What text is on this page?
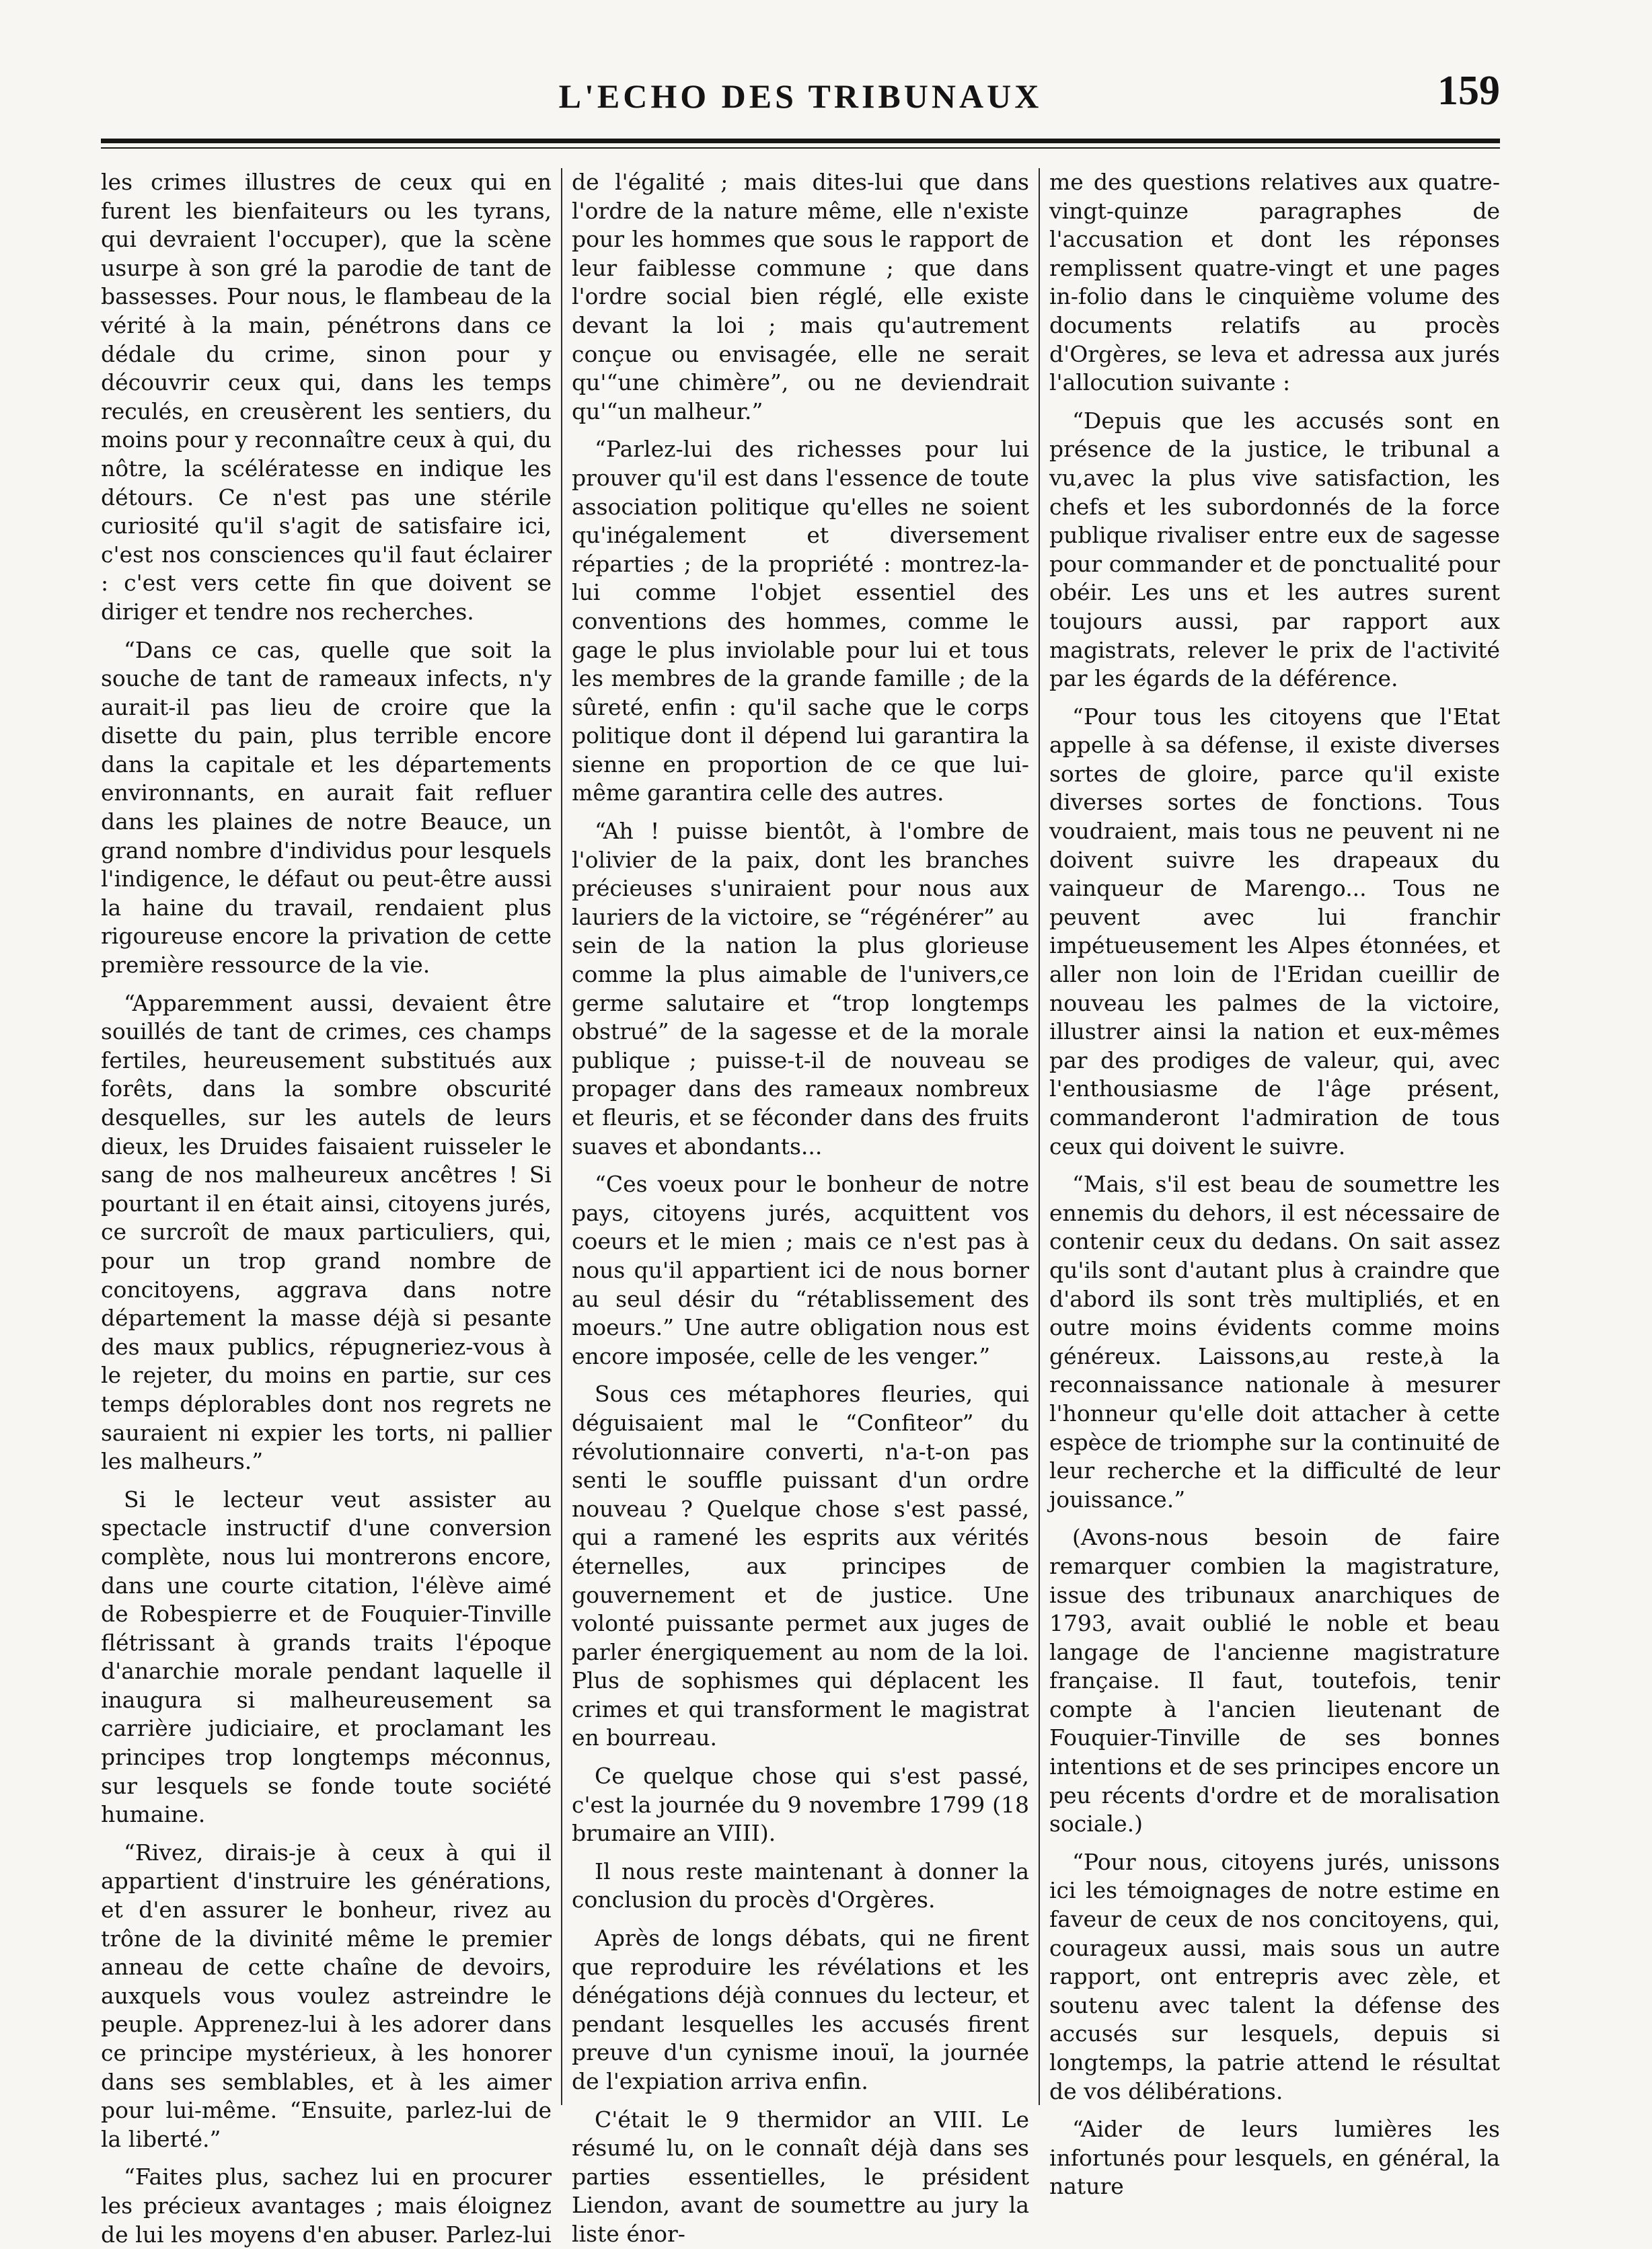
L'ECHO DES TRIBUNAUX	159

les crimes illustres de ceux qui en furent les bienfaiteurs ou les tyrans, qui devraient l'occuper), que la scène usurpe à son gré la parodie de tant de bassesses. Pour nous, le flambeau de la vérité à la main, pénétrons dans ce dédale du crime, sinon pour y découvrir ceux qui, dans les temps reculés, en creusèrent les sentiers, du moins pour y reconnaître ceux à qui, du nôtre, la scélératesse en indique les détours. Ce n'est pas une stérile curiosité qu'il s'agit de satisfaire ici, c'est nos consciences qu'il faut éclairer : c'est vers cette fin que doivent se diriger et tendre nos recherches.

“Dans ce cas, quelle que soit la souche de tant de rameaux infects, n'y aurait-il pas lieu de croire que la disette du pain, plus terrible encore dans la capitale et les départements environnants, en aurait fait refluer dans les plaines de notre Beauce, un grand nombre d'individus pour lesquels l'indigence, le défaut ou peut-être aussi la haine du travail, rendaient plus rigoureuse encore la privation de cette première ressource de la vie.

“Apparemment aussi, devaient être souillés de tant de crimes, ces champs fertiles, heureusement substitués aux forêts, dans la sombre obscurité desquelles, sur les autels de leurs dieux, les Druides faisaient ruisseler le sang de nos malheureux ancêtres ! Si pourtant il en était ainsi, citoyens jurés, ce surcroît de maux particuliers, qui, pour un trop grand nombre de concitoyens, aggrava dans notre département la masse déjà si pesante des maux publics, répugneriez-vous à le rejeter, du moins en partie, sur ces temps déplorables dont nos regrets ne sauraient ni expier les torts, ni pallier les malheurs.”

Si le lecteur veut assister au spectacle instructif d'une conversion complète, nous lui montrerons encore, dans une courte citation, l'élève aimé de Robespierre et de Fouquier-Tinville flétrissant à grands traits l'époque d'anarchie morale pendant laquelle il inaugura si malheureusement sa carrière judiciaire, et proclamant les principes trop longtemps méconnus, sur lesquels se fonde toute société humaine.

“Rivez, dirais-je à ceux à qui il appartient d'instruire les générations, et d'en assurer le bonheur, rivez au trône de la divinité même le premier anneau de cette chaîne de devoirs, auxquels vous voulez astreindre le peuple. Apprenez-lui à les adorer dans ce principe mystérieux, à les honorer dans ses semblables, et à les aimer pour lui-même. “Ensuite, parlez-lui de la liberté.”

“Faites plus, sachez lui en procurer les précieux avantages ; mais éloignez de lui les moyens d'en abuser. Parlez-lui

de l'égalité ; mais dites-lui que dans l'ordre de la nature même, elle n'existe pour les hommes que sous le rapport de leur faiblesse commune ; que dans l'ordre social bien réglé, elle existe devant la loi ; mais qu'autrement conçue ou envisagée, elle ne serait qu'“une chimère”, ou ne deviendrait qu'“un malheur.”

“Parlez-lui des richesses pour lui prouver qu'il est dans l'essence de toute association politique qu'elles ne soient qu'inégalement et diversement réparties ; de la propriété : montrez-la-lui comme l'objet essentiel des conventions des hommes, comme le gage le plus inviolable pour lui et tous les membres de la grande famille ; de la sûreté, enfin : qu'il sache que le corps politique dont il dépend lui garantira la sienne en proportion de ce que lui-même garantira celle des autres.

“Ah ! puisse bientôt, à l'ombre de l'olivier de la paix, dont les branches précieuses s'uniraient pour nous aux lauriers de la victoire, se “régénérer” au sein de la nation la plus glorieuse comme la plus aimable de l'univers,ce germe salutaire et “trop longtemps obstrué” de la sagesse et de la morale publique ; puisse-t-il de nouveau se propager dans des rameaux nombreux et fleuris, et se féconder dans des fruits suaves et abondants...

“Ces voeux pour le bonheur de notre pays, citoyens jurés, acquittent vos coeurs et le mien ; mais ce n'est pas à nous qu'il appartient ici de nous borner au seul désir du “rétablissement des moeurs.” Une autre obligation nous est encore imposée, celle de les venger.”

Sous ces métaphores fleuries, qui déguisaient mal le “Confiteor” du révolutionnaire converti, n'a-t-on pas senti le souffle puissant d'un ordre nouveau ? Quelque chose s'est passé, qui a ramené les esprits aux vérités éternelles, aux principes de gouvernement et de justice. Une volonté puissante permet aux juges de parler énergiquement au nom de la loi. Plus de sophismes qui déplacent les crimes et qui transforment le magistrat en bourreau.

Ce quelque chose qui s'est passé, c'est la journée du 9 novembre 1799 (18 brumaire an VIII).

Il nous reste maintenant à donner la conclusion du procès d'Orgères.

Après de longs débats, qui ne firent que reproduire les révélations et les dénégations déjà connues du lecteur, et pendant lesquelles les accusés firent preuve d'un cynisme inouï, la journée de l'expiation arriva enfin.

C'était le 9 thermidor an VIII. Le résumé lu, on le connaît déjà dans ses parties essentielles, le président Liendon, avant de soumettre au jury la liste énor-

me des questions relatives aux quatre-vingt-quinze paragraphes de l'accusation et dont les réponses remplissent quatre-vingt et une pages in-folio dans le cinquième volume des documents relatifs au procès d'Orgères, se leva et adressa aux jurés l'allocution suivante :

“Depuis que les accusés sont en présence de la justice, le tribunal a vu,avec la plus vive satisfaction, les chefs et les subordonnés de la force publique rivaliser entre eux de sagesse pour commander et de ponctualité pour obéir. Les uns et les autres surent toujours aussi, par rapport aux magistrats, relever le prix de l'activité par les égards de la déférence.

“Pour tous les citoyens que l'Etat appelle à sa défense, il existe diverses sortes de gloire, parce qu'il existe diverses sortes de fonctions. Tous voudraient, mais tous ne peuvent ni ne doivent suivre les drapeaux du vainqueur de Marengo... Tous ne peuvent avec lui franchir impétueusement les Alpes étonnées, et aller non loin de l'Eridan cueillir de nouveau les palmes de la victoire, illustrer ainsi la nation et eux-mêmes par des prodiges de valeur, qui, avec l'enthousiasme de l'âge présent, commanderont l'admiration de tous ceux qui doivent le suivre.

“Mais, s'il est beau de soumettre les ennemis du dehors, il est nécessaire de contenir ceux du dedans. On sait assez qu'ils sont d'autant plus à craindre que d'abord ils sont très multipliés, et en outre moins évidents comme moins généreux. Laissons,au reste,à la reconnaissance nationale à mesurer l'honneur qu'elle doit attacher à cette espèce de triomphe sur la continuité de leur recherche et la difficulté de leur jouissance.”

(Avons-nous besoin de faire remarquer combien la magistrature, issue des tribunaux anarchiques de 1793, avait oublié le noble et beau langage de l'ancienne magistrature française. Il faut, toutefois, tenir compte à l'ancien lieutenant de Fouquier-Tinville de ses bonnes intentions et de ses principes encore un peu récents d'ordre et de moralisation sociale.)

“Pour nous, citoyens jurés, unissons ici les témoignages de notre estime en faveur de ceux de nos concitoyens, qui, courageux aussi, mais sous un autre rapport, ont entrepris avec zèle, et soutenu avec talent la défense des accusés sur lesquels, depuis si longtemps, la patrie attend le résultat de vos délibérations.

“Aider de leurs lumières les infortunés pour lesquels, en général, la nature
